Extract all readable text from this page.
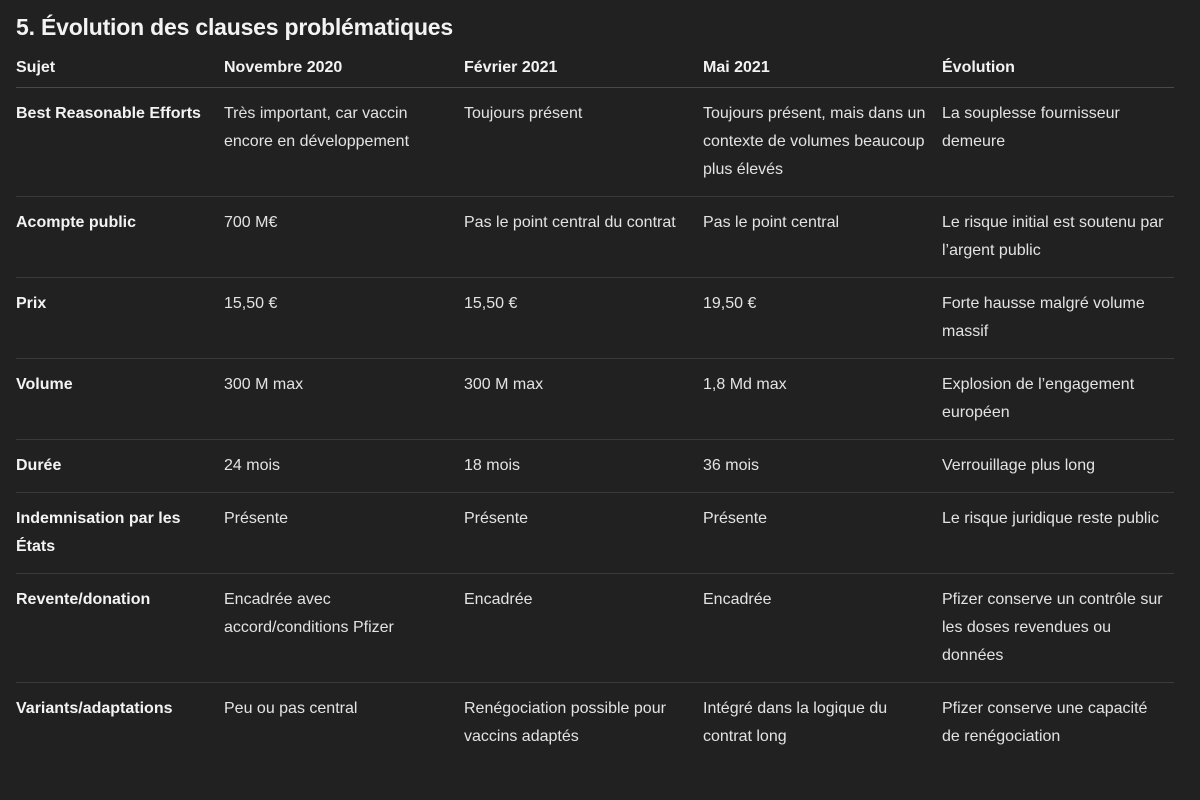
5. Évolution des clauses problématiques
Sujet	Novembre 2020	Février 2021	Mai 2021	Évolution
Best Reasonable Efforts	Très important, car vaccin encore en développement	Toujours présent	Toujours présent, mais dans un contexte de volumes beaucoup plus élevés	La souplesse fournisseur demeure
Acompte public	700 M€	Pas le point central du contrat	Pas le point central	Le risque initial est soutenu par l’argent public
Prix	15,50 €	15,50 €	19,50 €	Forte hausse malgré volume massif
Volume	300 M max	300 M max	1,8 Md max	Explosion de l’engagement européen
Durée	24 mois	18 mois	36 mois	Verrouillage plus long
Indemnisation par les États	Présente	Présente	Présente	Le risque juridique reste public
Revente/donation	Encadrée avec accord/conditions Pfizer	Encadrée	Encadrée	Pfizer conserve un contrôle sur les doses revendues ou données
Variants/adaptations	Peu ou pas central	Renégociation possible pour vaccins adaptés	Intégré dans la logique du contrat long	Pfizer conserve une capacité de renégociation
